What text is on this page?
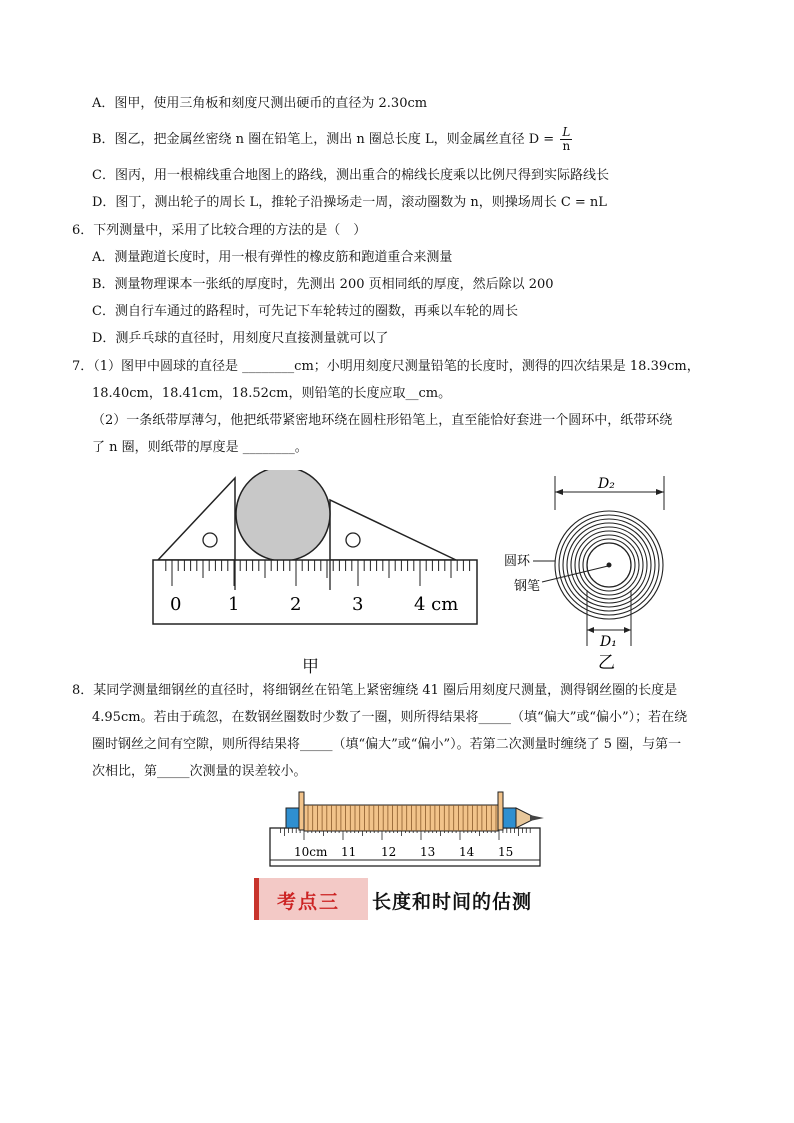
A．图甲，使用三角板和刻度尺测出硬币的直径为 2.30cm
B．图乙，把金属丝密绕 n 圈在铅笔上，测出 n 圈总长度 L，则金属丝直径 $D = \frac{L}{n}$
C．图丙，用一根棉线重合地图上的路线，测出重合的棉线长度乘以比例尺得到实际路线长
D．图丁，测出轮子的周长 L，推轮子沿操场走一周，滚动圈数为 n，则操场周长 C = nL
6．下列测量中，采用了比较合理的方法的是（　）
A．测量跑道长度时，用一根有弹性的橡皮筋和跑道重合来测量
B．测量物理课本一张纸的厚度时，先测出 200 页相同纸的厚度，然后除以 200
C．测自行车通过的路程时，可先记下车轮转过的圈数，再乘以车轮的周长
D．测乒乓球的直径时，用刻度尺直接测量就可以了
7．（1）图甲中圆球的直径是 ________cm；小明用刻度尺测量铅笔的长度时，测得的四次结果是 18.39cm，
18.40cm，18.41cm，18.52cm，则铅笔的长度应取__cm。
（2）一条纸带厚薄匀，他把纸带紧密地环绕在圆柱形铅笔上，直至能恰好套进一个圆环中，纸带环绕
了 n 圈，则纸带的厚度是 ________。
0	1	2	3	4 cm
甲
D₂
圆环
钢笔
D₁
乙
8．某同学测量细钢丝的直径时，将细钢丝在铅笔上紧密缠绕 41 圈后用刻度尺测量，测得钢丝圈的长度是
4.95cm。若由于疏忽，在数钢丝圈数时少数了一圈，则所得结果将_____（填“偏大”或“偏小”）；若在绕
圈时钢丝之间有空隙，则所得结果将_____（填“偏大”或“偏小”）。若第二次测量时缠绕了 5 圈，与第一
次相比，第_____次测量的误差较小。
10cm 11 12 13 14 15
考点三 长度和时间的估测
